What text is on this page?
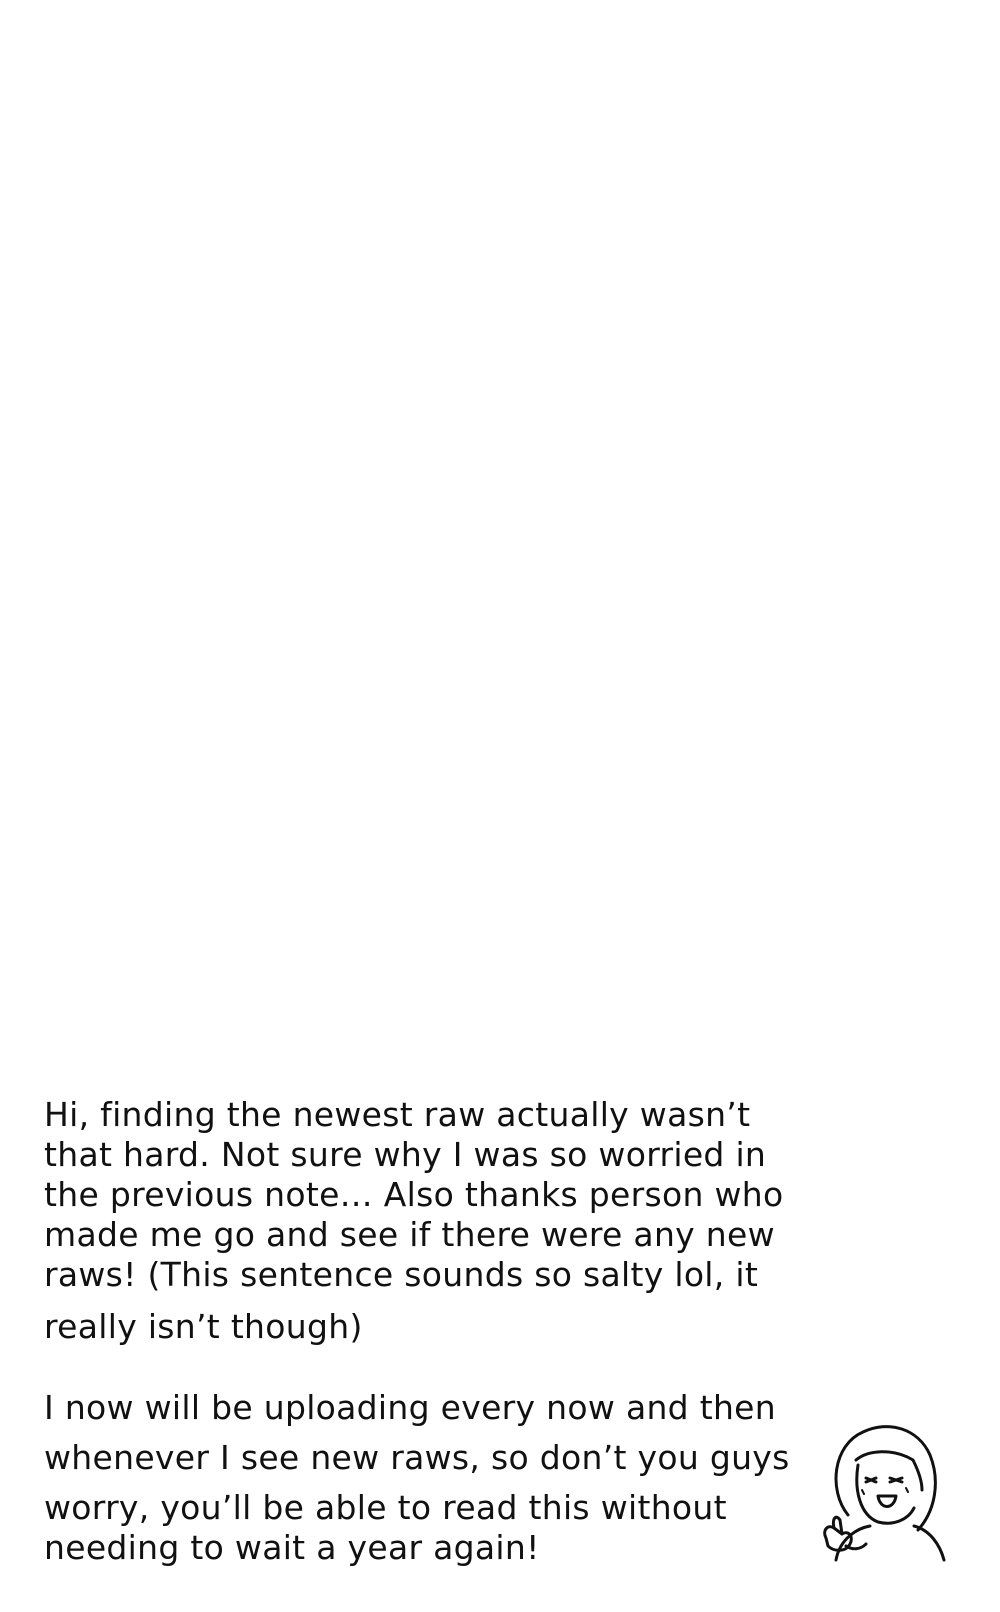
Hi, finding the newest raw actually wasn’t
that hard. Not sure why I was so worried in
the previous note… Also thanks person who
made me go and see if there were any new
raws! (This sentence sounds so salty lol, it
really isn’t though)
I now will be uploading every now and then
whenever I see new raws, so don’t you guys
worry, you’ll be able to read this without
needing to wait a year again!
